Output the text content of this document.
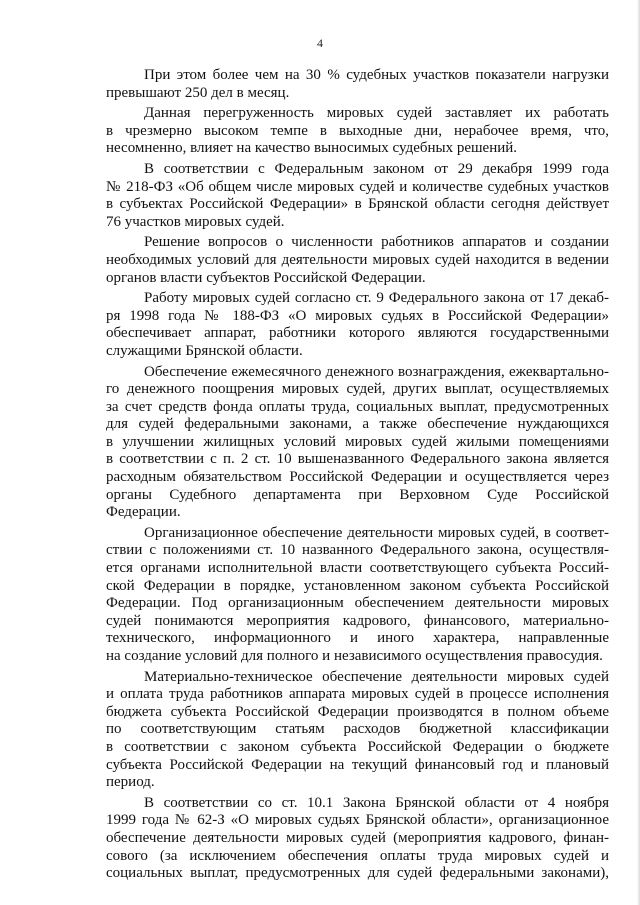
4
При этом более чем на 30 % судебных участков показатели нагрузки
превышают 250 дел в месяц.
Данная перегруженность мировых судей заставляет их работать
в чрезмерно высоком темпе в выходные дни, нерабочее время, что,
несомненно, влияет на качество выносимых судебных решений.
В соответствии с Федеральным законом от 29 декабря 1999 года
№ 218-ФЗ «Об общем числе мировых судей и количестве судебных участков
в субъектах Российской Федерации» в Брянской области сегодня действует
76 участков мировых судей.
Решение вопросов о численности работников аппаратов и создании
необходимых условий для деятельности мировых судей находится в ведении
органов власти субъектов Российской Федерации.
Работу мировых судей согласно ст. 9 Федерального закона от 17 декаб-
ря 1998 года № 188-ФЗ «О мировых судьях в Российской Федерации»
обеспечивает аппарат, работники которого являются государственными
служащими Брянской области.
Обеспечение ежемесячного денежного вознаграждения, ежеквартально-
го денежного поощрения мировых судей, других выплат, осуществляемых
за счет средств фонда оплаты труда, социальных выплат, предусмотренных
для судей федеральными законами, а также обеспечение нуждающихся
в улучшении жилищных условий мировых судей жилыми помещениями
в соответствии с п. 2 ст. 10 вышеназванного Федерального закона является
расходным обязательством Российской Федерации и осуществляется через
органы Судебного департамента при Верховном Суде Российской
Федерации.
Организационное обеспечение деятельности мировых судей, в соответ-
ствии с положениями ст. 10 названного Федерального закона, осуществля-
ется органами исполнительной власти соответствующего субъекта Россий-
ской Федерации в порядке, установленном законом субъекта Российской
Федерации. Под организационным обеспечением деятельности мировых
судей понимаются мероприятия кадрового, финансового, материально-
технического, информационного и иного характера, направленные
на создание условий для полного и независимого осуществления правосудия.
Материально-техническое обеспечение деятельности мировых судей
и оплата труда работников аппарата мировых судей в процессе исполнения
бюджета субъекта Российской Федерации производятся в полном объеме
по соответствующим статьям расходов бюджетной классификации
в соответствии с законом субъекта Российской Федерации о бюджете
субъекта Российской Федерации на текущий финансовый год и плановый
период.
В соответствии со ст. 10.1 Закона Брянской области от 4 ноября
1999 года № 62-З «О мировых судьях Брянской области», организационное
обеспечение деятельности мировых судей (мероприятия кадрового, финан-
сового (за исключением обеспечения оплаты труда мировых судей и
социальных выплат, предусмотренных для судей федеральными законами),
